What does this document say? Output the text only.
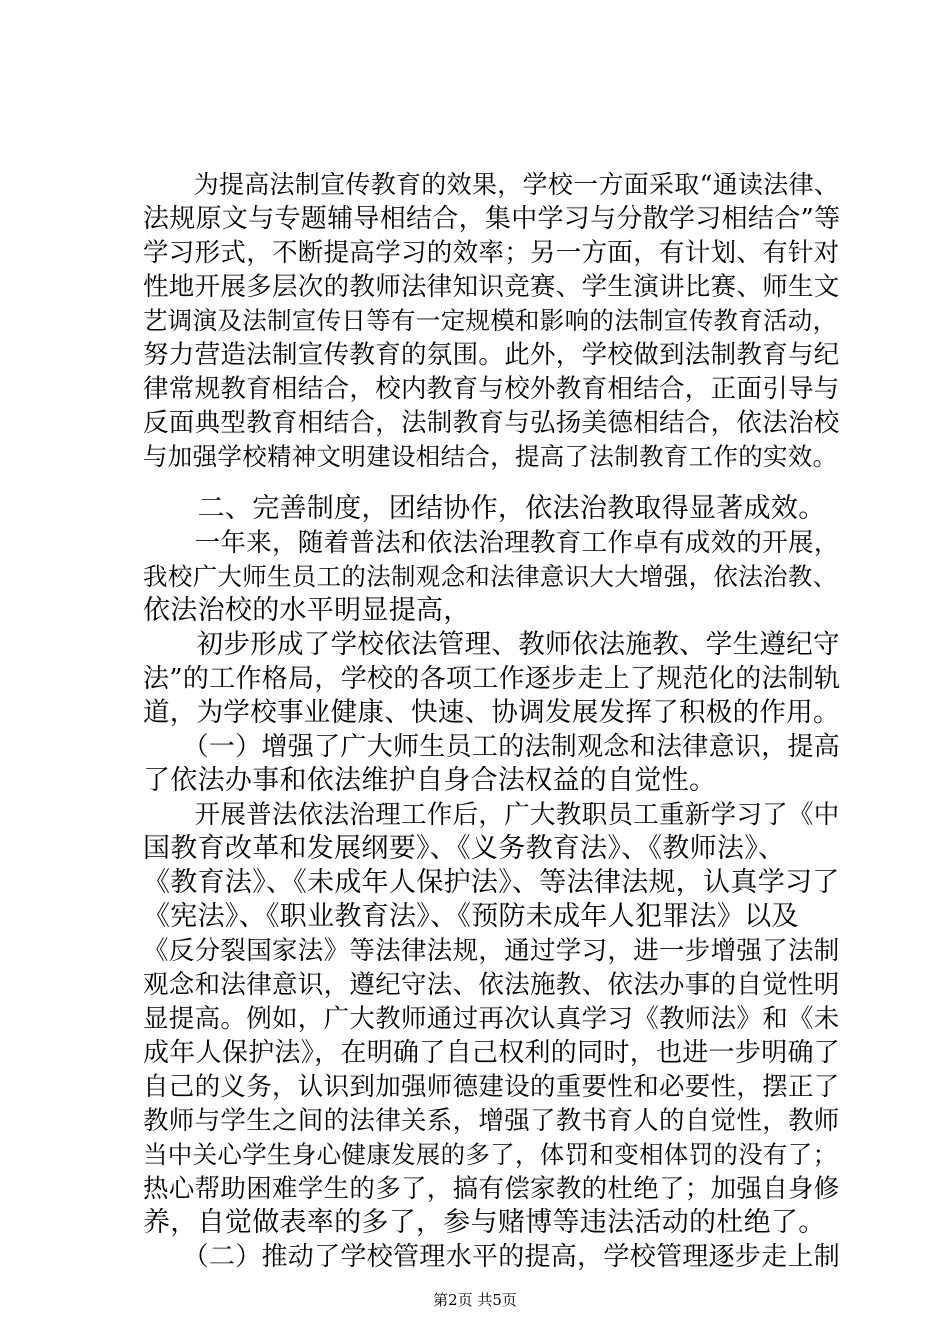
　　为提高法制宣传教育的效果，学校一方面采取“通读法律、
法规原文与专题辅导相结合，集中学习与分散学习相结合”等
学习形式，不断提高学习的效率；另一方面，有计划、有针对
性地开展多层次的教师法律知识竞赛、学生演讲比赛、师生文
艺调演及法制宣传日等有一定规模和影响的法制宣传教育活动，
努力营造法制宣传教育的氛围。此外，学校做到法制教育与纪
律常规教育相结合，校内教育与校外教育相结合，正面引导与
反面典型教育相结合，法制教育与弘扬美德相结合，依法治校
与加强学校精神文明建设相结合，提高了法制教育工作的实效。
　　二、完善制度，团结协作，依法治教取得显著成效。
　　一年来，随着普法和依法治理教育工作卓有成效的开展，
我校广大师生员工的法制观念和法律意识大大增强，依法治教、
依法治校的水平明显提高，
　　初步形成了学校依法管理、教师依法施教、学生遵纪守
法”的工作格局，学校的各项工作逐步走上了规范化的法制轨
道，为学校事业健康、快速、协调发展发挥了积极的作用。
　　（一）增强了广大师生员工的法制观念和法律意识，提高
了依法办事和依法维护自身合法权益的自觉性。
　　开展普法依法治理工作后，广大教职员工重新学习了《中
国教育改革和发展纲要》、《义务教育法》、《教师法》、
《教育法》、《未成年人保护法》、等法律法规，认真学习了
《宪法》、《职业教育法》、《预防未成年人犯罪法》以及
《反分裂国家法》等法律法规，通过学习，进一步增强了法制
观念和法律意识，遵纪守法、依法施教、依法办事的自觉性明
显提高。例如，广大教师通过再次认真学习《教师法》和《未
成年人保护法》，在明确了自己权利的同时，也进一步明确了
自己的义务，认识到加强师德建设的重要性和必要性，摆正了
教师与学生之间的法律关系，增强了教书育人的自觉性，教师
当中关心学生身心健康发展的多了，体罚和变相体罚的没有了；
热心帮助困难学生的多了，搞有偿家教的杜绝了；加强自身修
养，自觉做表率的多了，参与赌博等违法活动的杜绝了。
　　（二）推动了学校管理水平的提高，学校管理逐步走上制
第2页 共5页
